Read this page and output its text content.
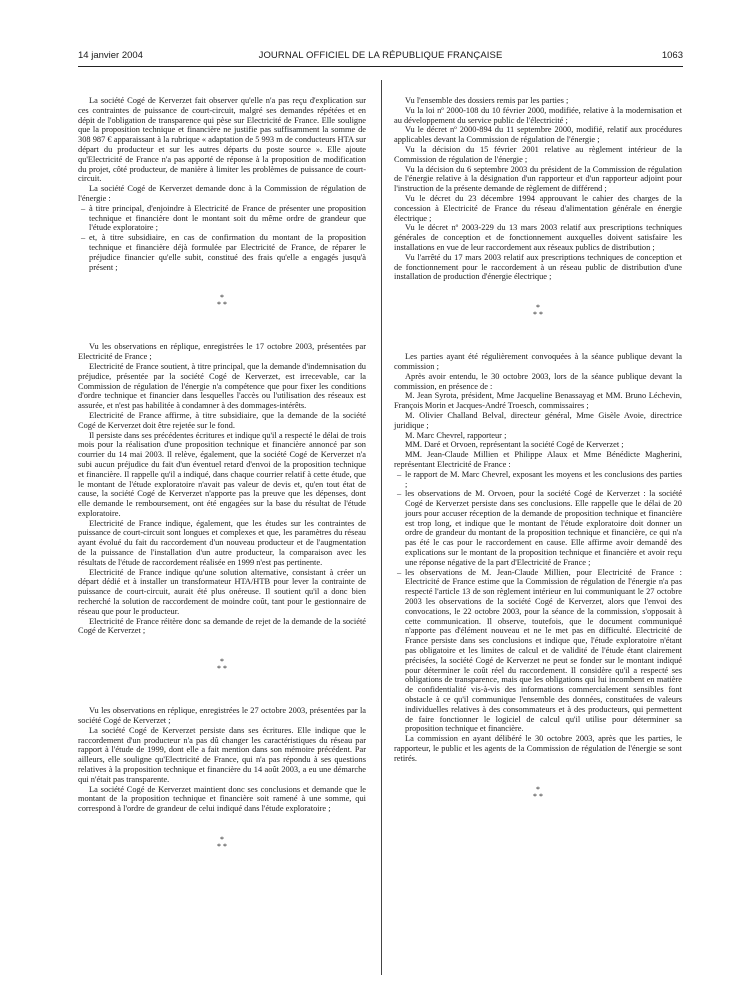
14 janvier 2004	JOURNAL OFFICIEL DE LA RÉPUBLIQUE FRANÇAISE	1063

La société Cogé de Kerverzet fait observer qu'elle n'a pas reçu d'explication sur ces contraintes de puissance de court-circuit, malgré ses demandes répétées et en dépit de l'obligation de transparence qui pèse sur Electricité de France. Elle souligne que la proposition technique et financière ne justifie pas suffisamment la somme de 308 987 € apparaissant à la rubrique « adaptation de 5 993 m de conducteurs HTA sur départ du producteur et sur les autres départs du poste source ». Elle ajoute qu'Electricité de France n'a pas apporté de réponse à la proposition de modification du projet, côté producteur, de manière à limiter les problèmes de puissance de court-circuit.

La société Cogé de Kerverzet demande donc à la Commission de régulation de l'énergie :

– à titre principal, d'enjoindre à Electricité de France de présenter une proposition technique et financière dont le montant soit du même ordre de grandeur que l'étude exploratoire ;
– et, à titre subsidiaire, en cas de confirmation du montant de la proposition technique et financière déjà formulée par Electricité de France, de réparer le préjudice financier qu'elle subit, constitué des frais qu'elle a engagés jusqu'à présent ;
*
* *

Vu les observations en réplique, enregistrées le 17 octobre 2003, présentées par Electricité de France ;

Electricité de France soutient, à titre principal, que la demande d'indemnisation du préjudice, présentée par la société Cogé de Kerverzet, est irrecevable, car la Commission de régulation de l'énergie n'a compétence que pour fixer les conditions d'ordre technique et financier dans lesquelles l'accès ou l'utilisation des réseaux est assurée, et n'est pas habilitée à condamner à des dommages-intérêts.

Electricité de France affirme, à titre subsidiaire, que la demande de la société Cogé de Kerverzet doit être rejetée sur le fond.

Il persiste dans ses précédentes écritures et indique qu'il a respecté le délai de trois mois pour la réalisation d'une proposition technique et financière annoncé par son courrier du 14 mai 2003. Il relève, également, que la société Cogé de Kerverzet n'a subi aucun préjudice du fait d'un éventuel retard d'envoi de la proposition technique et financière. Il rappelle qu'il a indiqué, dans chaque courrier relatif à cette étude, que le montant de l'étude exploratoire n'avait pas valeur de devis et, qu'en tout état de cause, la société Cogé de Kerverzet n'apporte pas la preuve que les dépenses, dont elle demande le remboursement, ont été engagées sur la base du résultat de l'étude exploratoire.

Electricité de France indique, également, que les études sur les contraintes de puissance de court-circuit sont longues et complexes et que, les paramètres du réseau ayant évolué du fait du raccordement d'un nouveau producteur et de l'augmentation de la puissance de l'installation d'un autre producteur, la comparaison avec les résultats de l'étude de raccordement réalisée en 1999 n'est pas pertinente.

Electricité de France indique qu'une solution alternative, consistant à créer un départ dédié et à installer un transformateur HTA/HTB pour lever la contrainte de puissance de court-circuit, aurait été plus onéreuse. Il soutient qu'il a donc bien recherché la solution de raccordement de moindre coût, tant pour le gestionnaire de réseau que pour le producteur.

Electricité de France réitère donc sa demande de rejet de la demande de la société Cogé de Kerverzet ;

*
* *

Vu les observations en réplique, enregistrées le 27 octobre 2003, présentées par la société Cogé de Kerverzet ;

La société Cogé de Kerverzet persiste dans ses écritures. Elle indique que le raccordement d'un producteur n'a pas dû changer les caractéristiques du réseau par rapport à l'étude de 1999, dont elle a fait mention dans son mémoire précédent. Par ailleurs, elle souligne qu'Electricité de France, qui n'a pas répondu à ses questions relatives à la proposition technique et financière du 14 août 2003, a eu une démarche qui n'était pas transparente.

La société Cogé de Kerverzet maintient donc ses conclusions et demande que le montant de la proposition technique et financière soit ramené à une somme, qui correspond à l'ordre de grandeur de celui indiqué dans l'étude exploratoire ;

*
* *

Vu l'ensemble des dossiers remis par les parties ;

Vu la loi nº 2000-108 du 10 février 2000, modifiée, relative à la modernisation et au développement du service public de l'électricité ;

Vu le décret nº 2000-894 du 11 septembre 2000, modifié, relatif aux procédures applicables devant la Commission de régulation de l'énergie ;

Vu la décision du 15 février 2001 relative au règlement intérieur de la Commission de régulation de l'énergie ;

Vu la décision du 6 septembre 2003 du président de la Commission de régulation de l'énergie relative à la désignation d'un rapporteur et d'un rapporteur adjoint pour l'instruction de la présente demande de règlement de différend ;

Vu le décret du 23 décembre 1994 approuvant le cahier des charges de la concession à Electricité de France du réseau d'alimentation générale en énergie électrique ;

Vu le décret nº 2003-229 du 13 mars 2003 relatif aux prescriptions techniques générales de conception et de fonctionnement auxquelles doivent satisfaire les installations en vue de leur raccordement aux réseaux publics de distribution ;

Vu l'arrêté du 17 mars 2003 relatif aux prescriptions techniques de conception et de fonctionnement pour le raccordement à un réseau public de distribution d'une installation de production d'énergie électrique ;

*
* *

Les parties ayant été régulièrement convoquées à la séance publique devant la commission ;

Après avoir entendu, le 30 octobre 2003, lors de la séance publique devant la commission, en présence de :

M. Jean Syrota, président, Mme Jacqueline Benassayag et MM. Bruno Léchevin, François Morin et Jacques-André Troesch, commissaires ;

M. Olivier Challand Belval, directeur général, Mme Gisèle Avoie, directrice juridique ;

M. Marc Chevrel, rapporteur ;

MM. Daré et Orvoen, représentant la société Cogé de Kerverzet ;

MM. Jean-Claude Millien et Philippe Alaux et Mme Bénédicte Magherini, représentant Electricité de France :

– le rapport de M. Marc Chevrel, exposant les moyens et les conclusions des parties ;
– les observations de M. Orvoen, pour la société Cogé de Kerverzet : la société Cogé de Kerverzet persiste dans ses conclusions. Elle rappelle que le délai de 20 jours pour accuser réception de la demande de proposition technique et financière est trop long, et indique que le montant de l'étude exploratoire doit donner un ordre de grandeur du montant de la proposition technique et financière, ce qui n'a pas été le cas pour le raccordement en cause. Elle affirme avoir demandé des explications sur le montant de la proposition technique et financière et avoir reçu une réponse négative de la part d'Electricité de France ;
– les observations de M. Jean-Claude Millien, pour Electricité de France : Electricité de France estime que la Commission de régulation de l'énergie n'a pas respecté l'article 13 de son règlement intérieur en lui communiquant le 27 octobre 2003 les observations de la société Cogé de Kerverzet, alors que l'envoi des convocations, le 22 octobre 2003, pour la séance de la commission, s'opposait à cette communication. Il observe, toutefois, que le document communiqué n'apporte pas d'élément nouveau et ne le met pas en difficulté. Electricité de France persiste dans ses conclusions et indique que, l'étude exploratoire n'étant pas obligatoire et les limites de calcul et de validité de l'étude étant clairement précisées, la société Cogé de Kerverzet ne peut se fonder sur le montant indiqué pour déterminer le coût réel du raccordement. Il considère qu'il a respecté ses obligations de transparence, mais que les obligations qui lui incombent en matière de confidentialité vis-à-vis des informations commercialement sensibles font obstacle à ce qu'il communique l'ensemble des données, constituées de valeurs individuelles relatives à des consommateurs et à des producteurs, qui permettent de faire fonctionner le logiciel de calcul qu'il utilise pour déterminer sa proposition technique et financière.

La commission en ayant délibéré le 30 octobre 2003, après que les parties, le rapporteur, le public et les agents de la Commission de régulation de l'énergie se sont retirés.

*
* *
